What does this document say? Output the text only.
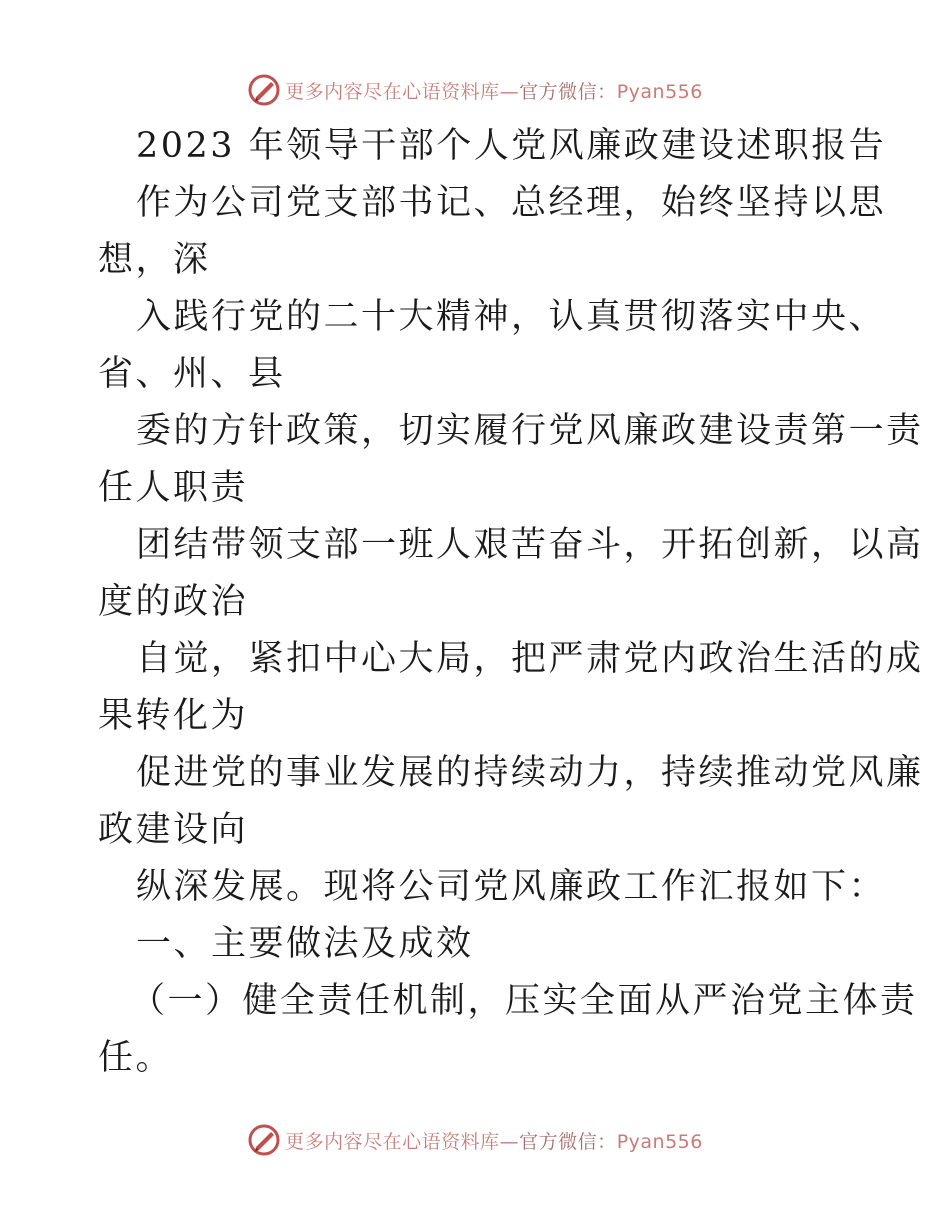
更多内容尽在心语资料库—官方微信：Pyan556
2023 年领导干部个人党风廉政建设述职报告
作为公司党支部书记、总经理，始终坚持以思
想，深
入践行党的二十大精神，认真贯彻落实中央、
省、州、县
委的方针政策，切实履行党风廉政建设责第一责
任人职责
团结带领支部一班人艰苦奋斗，开拓创新，以高
度的政治
自觉，紧扣中心大局，把严肃党内政治生活的成
果转化为
促进党的事业发展的持续动力，持续推动党风廉
政建设向
纵深发展。现将公司党风廉政工作汇报如下：
一、主要做法及成效
（一）健全责任机制，压实全面从严治党主体责
任。
更多内容尽在心语资料库—官方微信：Pyan556
